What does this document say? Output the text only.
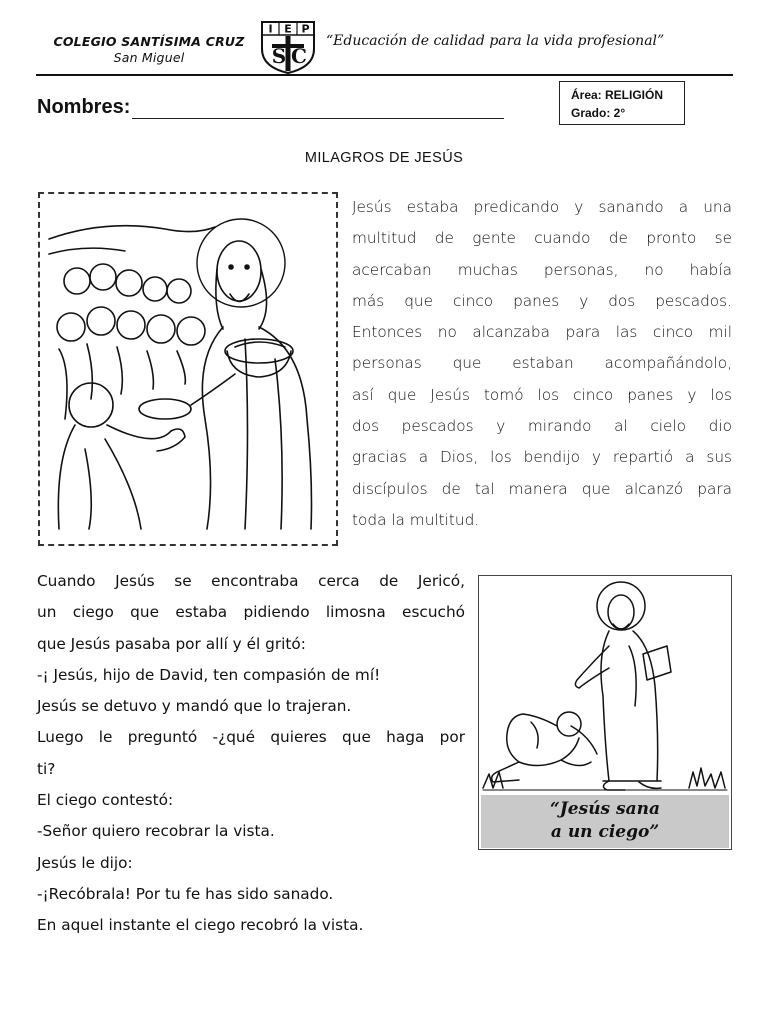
COLEGIO SANTÍSIMA CRUZ
San Miguel
I E P
S C
“Educación de calidad para la vida profesional”
Área: RELIGIÓN
Grado: 2°
Nombres:
MILAGROS DE JESÚS
Jesús estaba predicando y sanando a una
multitud de gente cuando de pronto se
acercaban muchas personas, no había
más que cinco panes y dos pescados.
Entonces no alcanzaba para las cinco mil
personas que estaban acompañándolo,
así que Jesús tomó los cinco panes y los
dos pescados y mirando al cielo dio
gracias a Dios, los bendijo y repartió a sus
discípulos de tal manera que alcanzó para
toda la multitud.
Cuando Jesús se encontraba cerca de Jericó,
un ciego que estaba pidiendo limosna escuchó
que Jesús pasaba por allí y él gritó:
-¡ Jesús, hijo de David, ten compasión de mí!
Jesús se detuvo y mandó que lo trajeran.
Luego le preguntó -¿qué quieres que haga por
ti?
El ciego contestó:
-Señor quiero recobrar la vista.
Jesús le dijo:
-¡Recóbrala! Por tu fe has sido sanado.
En aquel instante el ciego recobró la vista.
“Jesús sana
a un ciego”
